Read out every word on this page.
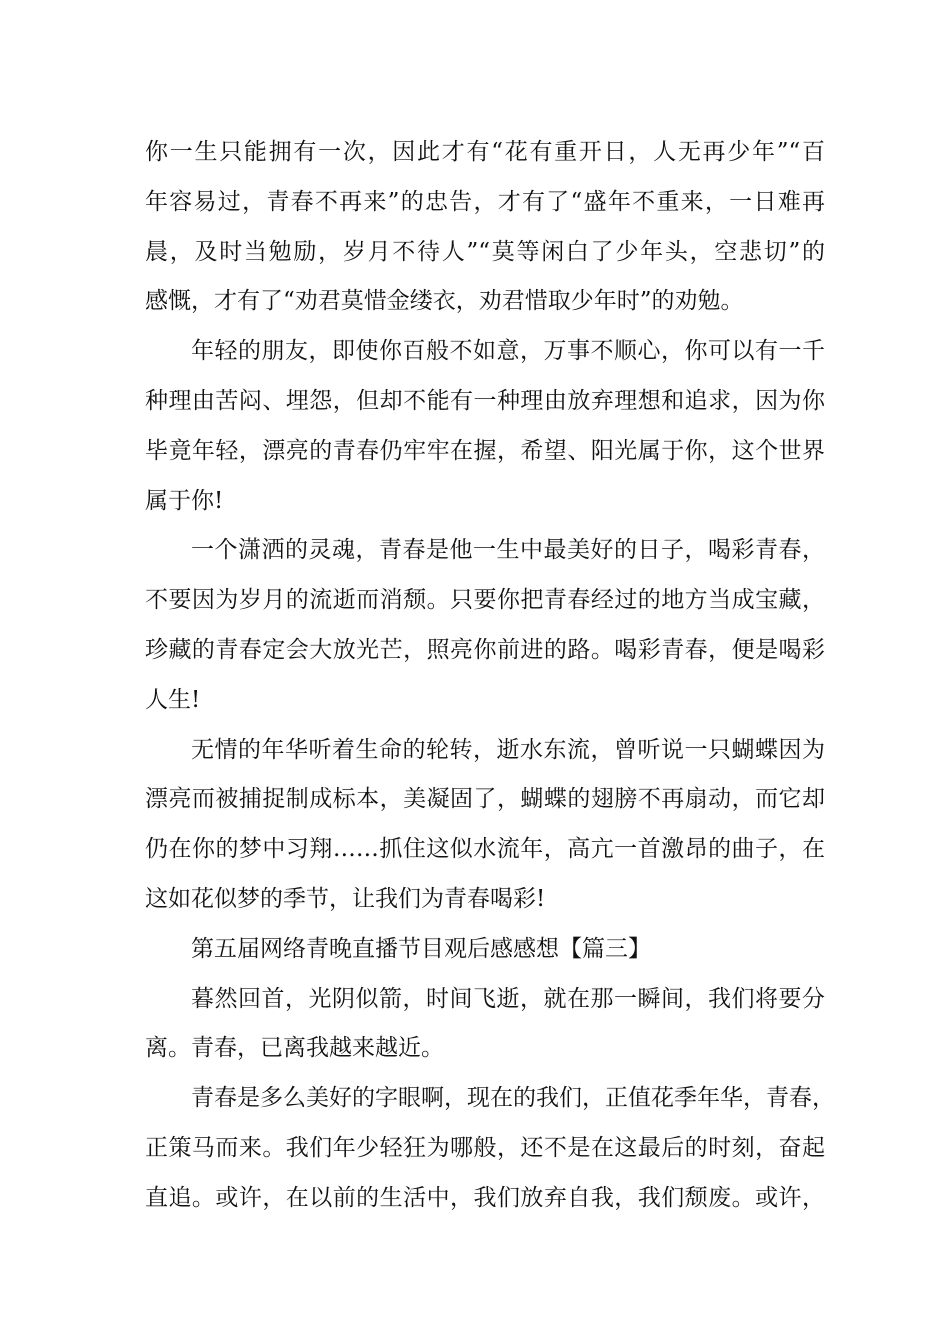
你一生只能拥有一次，因此才有“花有重开日，人无再少年”“百
年容易过，青春不再来”的忠告，才有了“盛年不重来，一日难再
晨，及时当勉励，岁月不待人”“莫等闲白了少年头，空悲切”的
感慨，才有了“劝君莫惜金缕衣，劝君惜取少年时”的劝勉。
年轻的朋友，即使你百般不如意，万事不顺心，你可以有一千
种理由苦闷、埋怨，但却不能有一种理由放弃理想和追求，因为你
毕竟年轻，漂亮的青春仍牢牢在握，希望、阳光属于你，这个世界
属于你!
一个潇洒的灵魂，青春是他一生中最美好的日子，喝彩青春，
不要因为岁月的流逝而消颓。只要你把青春经过的地方当成宝藏，
珍藏的青春定会大放光芒，照亮你前进的路。喝彩青春，便是喝彩
人生!
无情的年华听着生命的轮转，逝水东流，曾听说一只蝴蝶因为
漂亮而被捕捉制成标本，美凝固了，蝴蝶的翅膀不再扇动，而它却
仍在你的梦中习翔……抓住这似水流年，高亢一首激昂的曲子，在
这如花似梦的季节，让我们为青春喝彩!
第五届网络青晚直播节目观后感感想【篇三】
暮然回首，光阴似箭，时间飞逝，就在那一瞬间，我们将要分
离。青春，已离我越来越近。
青春是多么美好的字眼啊，现在的我们，正值花季年华，青春，
正策马而来。我们年少轻狂为哪般，还不是在这最后的时刻，奋起
直追。或许，在以前的生活中，我们放弃自我，我们颓废。或许，
